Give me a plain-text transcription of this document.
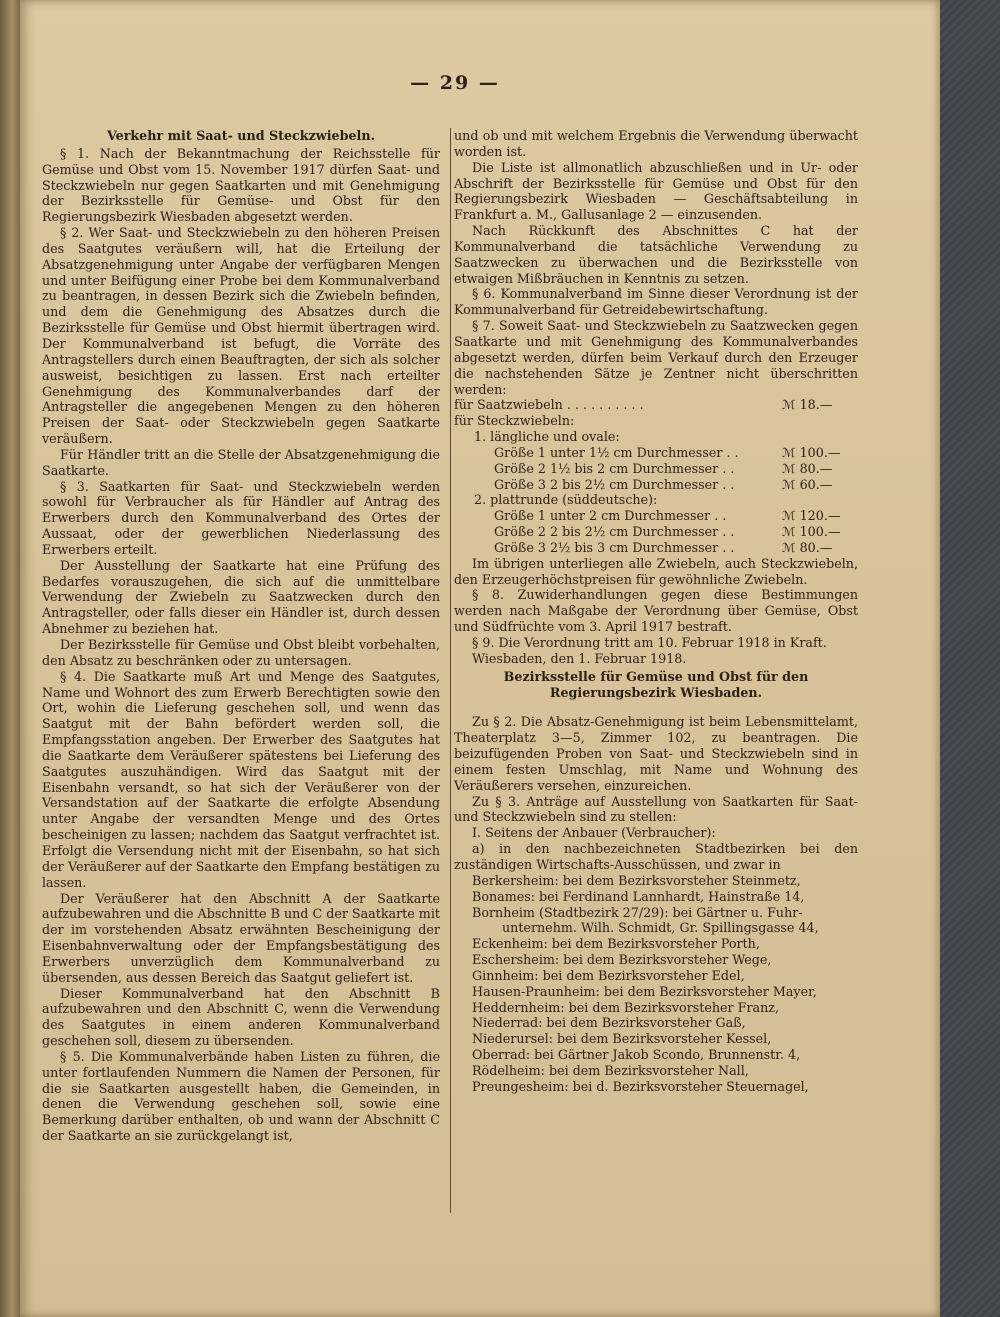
— 29 —

Verkehr mit Saat- und Steckzwiebeln.

§ 1. Nach der Bekanntmachung der Reichsstelle für Gemüse und Obst vom 15. November 1917 dürfen Saat- und Steckzwiebeln nur gegen Saatkarten und mit Genehmigung der Bezirksstelle für Gemüse- und Obst für den Regierungsbezirk Wiesbaden abgesetzt werden.

§ 2. Wer Saat- und Steckzwiebeln zu den höheren Preisen des Saatgutes veräußern will, hat die Erteilung der Absatzgenehmigung unter Angabe der verfügbaren Mengen und unter Beifügung einer Probe bei dem Kommunalverband zu beantragen, in dessen Bezirk sich die Zwiebeln befinden, und dem die Genehmigung des Absatzes durch die Bezirksstelle für Gemüse und Obst hiermit übertragen wird. Der Kommunalverband ist befugt, die Vorräte des Antragstellers durch einen Beauftragten, der sich als solcher ausweist, besichtigen zu lassen. Erst nach erteilter Genehmigung des Kommunalverbandes darf der Antragsteller die angegebenen Mengen zu den höheren Preisen der Saat- oder Steckzwiebeln gegen Saatkarte veräußern.

Für Händler tritt an die Stelle der Absatzgenehmigung die Saatkarte.

§ 3. Saatkarten für Saat- und Steckzwiebeln werden sowohl für Verbraucher als für Händler auf Antrag des Erwerbers durch den Kommunalverband des Ortes der Aussaat, oder der gewerblichen Niederlassung des Erwerbers erteilt.

Der Ausstellung der Saatkarte hat eine Prüfung des Bedarfes vorauszugehen, die sich auf die unmittelbare Verwendung der Zwiebeln zu Saatzwecken durch den Antragsteller, oder falls dieser ein Händler ist, durch dessen Abnehmer zu beziehen hat.

Der Bezirksstelle für Gemüse und Obst bleibt vorbehalten, den Absatz zu beschränken oder zu untersagen.

§ 4. Die Saatkarte muß Art und Menge des Saatgutes, Name und Wohnort des zum Erwerb Berechtigten sowie den Ort, wohin die Lieferung geschehen soll, und wenn das Saatgut mit der Bahn befördert werden soll, die Empfangsstation angeben. Der Erwerber des Saatgutes hat die Saatkarte dem Veräußerer spätestens bei Lieferung des Saatgutes auszuhändigen. Wird das Saatgut mit der Eisenbahn versandt, so hat sich der Veräußerer von der Versandstation auf der Saatkarte die erfolgte Absendung unter Angabe der versandten Menge und des Ortes bescheinigen zu lassen; nachdem das Saatgut verfrachtet ist. Erfolgt die Versendung nicht mit der Eisenbahn, so hat sich der Veräußerer auf der Saatkarte den Empfang bestätigen zu lassen.

Der Veräußerer hat den Abschnitt A der Saatkarte aufzubewahren und die Abschnitte B und C der Saatkarte mit der im vorstehenden Absatz erwähnten Bescheinigung der Eisenbahnverwaltung oder der Empfangsbestätigung des Erwerbers unverzüglich dem Kommunalverband zu übersenden, aus dessen Bereich das Saatgut geliefert ist.

Dieser Kommunalverband hat den Abschnitt B aufzubewahren und den Abschnitt C, wenn die Verwendung des Saatgutes in einem anderen Kommunalverband geschehen soll, diesem zu übersenden.

§ 5. Die Kommunalverbände haben Listen zu führen, die unter fortlaufenden Nummern die Namen der Personen, für die sie Saatkarten ausgestellt haben, die Gemeinden, in denen die Verwendung geschehen soll, sowie eine Bemerkung darüber enthalten, ob und wann der Abschnitt C der Saatkarte an sie zurückgelangt ist,

und ob und mit welchem Ergebnis die Verwendung überwacht worden ist.

Die Liste ist allmonatlich abzuschließen und in Ur- oder Abschrift der Bezirksstelle für Gemüse und Obst für den Regierungsbezirk Wiesbaden — Geschäftsabteilung in Frankfurt a. M., Gallusanlage 2 — einzusenden.

Nach Rückkunft des Abschnittes C hat der Kommunalverband die tatsächliche Verwendung zu Saatzwecken zu überwachen und die Bezirksstelle von etwaigen Mißbräuchen in Kenntnis zu setzen.

§ 6. Kommunalverband im Sinne dieser Verordnung ist der Kommunalverband für Getreidebewirtschaftung.

§ 7. Soweit Saat- und Steckzwiebeln zu Saatzwecken gegen Saatkarte und mit Genehmigung des Kommunalverbandes abgesetzt werden, dürfen beim Verkauf durch den Erzeuger die nachstehenden Sätze je Zentner nicht überschritten werden:

für Saatzwiebeln . . . . . . . . . .	ℳ 18.—
für Steckzwiebeln:
1. längliche und ovale:
Größe 1 unter 1½ cm Durchmesser . .	ℳ 100.—
Größe 2 1½ bis 2 cm Durchmesser . .	ℳ 80.—
Größe 3 2 bis 2½ cm Durchmesser . .	ℳ 60.—
2. plattrunde (süddeutsche):
Größe 1 unter 2 cm Durchmesser . .	ℳ 120.—
Größe 2 2 bis 2½ cm Durchmesser . .	ℳ 100.—
Größe 3 2½ bis 3 cm Durchmesser . .	ℳ 80.—

Im übrigen unterliegen alle Zwiebeln, auch Steckzwiebeln, den Erzeugerhöchstpreisen für gewöhnliche Zwiebeln.

§ 8. Zuwiderhandlungen gegen diese Bestimmungen werden nach Maßgabe der Verordnung über Gemüse, Obst und Südfrüchte vom 3. April 1917 bestraft.

§ 9. Die Verordnung tritt am 10. Februar 1918 in Kraft.

Wiesbaden, den 1. Februar 1918.

Bezirksstelle für Gemüse und Obst für den Regierungsbezirk Wiesbaden.

Zu § 2. Die Absatz-Genehmigung ist beim Lebensmittelamt, Theaterplatz 3—5, Zimmer 102, zu beantragen. Die beizufügenden Proben von Saat- und Steckzwiebeln sind in einem festen Umschlag, mit Name und Wohnung des Veräußerers versehen, einzureichen.

Zu § 3. Anträge auf Ausstellung von Saatkarten für Saat- und Steckzwiebeln sind zu stellen:

I. Seitens der Anbauer (Verbraucher):

a) in den nachbezeichneten Stadtbezirken bei den zuständigen Wirtschafts-Ausschüssen, und zwar in

Berkersheim: bei dem Bezirksvorsteher Steinmetz,

Bonames: bei Ferdinand Lannhardt, Hainstraße 14,

Bornheim (Stadtbezirk 27/29): bei Gärtner u. Fuhr-

unternehm. Wilh. Schmidt, Gr. Spillingsgasse 44,

Eckenheim: bei dem Bezirksvorsteher Porth,

Eschersheim: bei dem Bezirksvorsteher Wege,

Ginnheim: bei dem Bezirksvorsteher Edel,

Hausen-Praunheim: bei dem Bezirksvorsteher Mayer,

Heddernheim: bei dem Bezirksvorsteher Franz,

Niederrad: bei dem Bezirksvorsteher Gaß,

Niederursel: bei dem Bezirksvorsteher Kessel,

Oberrad: bei Gärtner Jakob Scondo, Brunnenstr. 4,

Rödelheim: bei dem Bezirksvorsteher Nall,

Preungesheim: bei d. Bezirksvorsteher Steuernagel,
